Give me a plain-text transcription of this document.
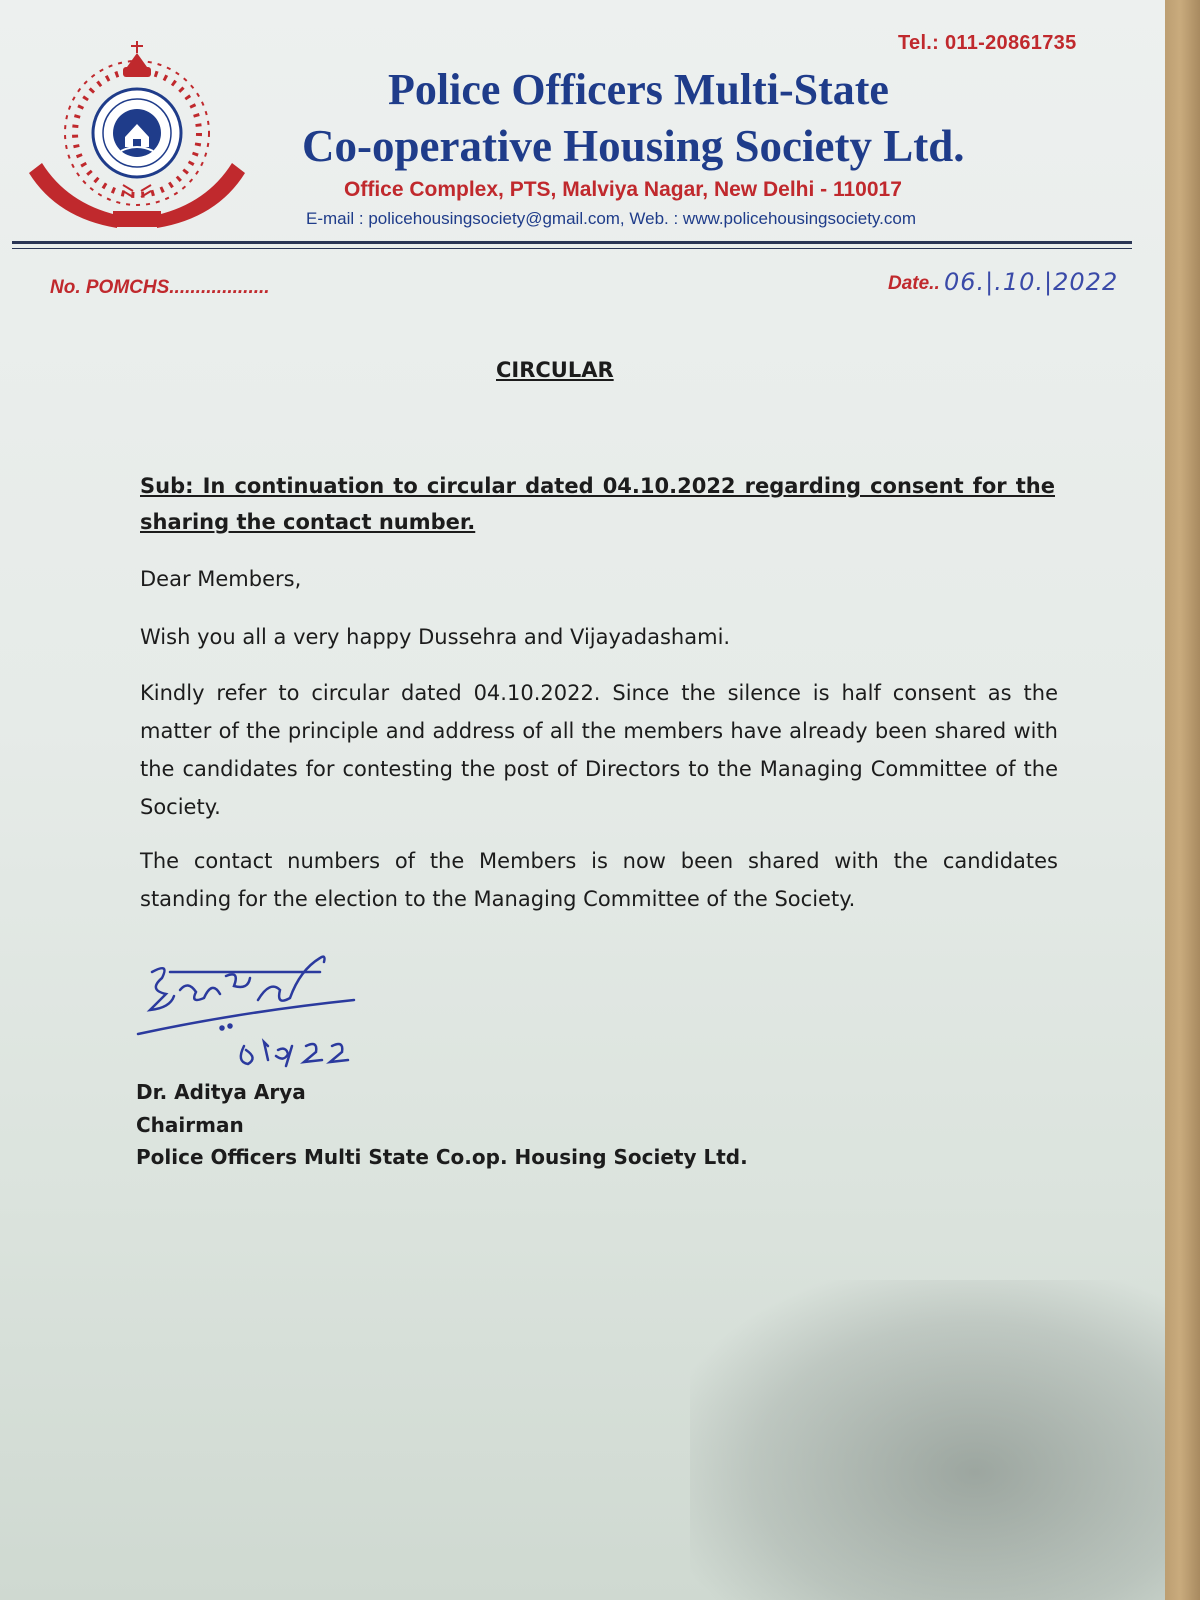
Tel.: 011-20861735
Police Officers Multi-State
Co-operative Housing Society Ltd.
Office Complex, PTS, Malviya Nagar, New Delhi - 110017
E-mail : policehousingsociety@gmail.com, Web. : www.policehousingsociety.com
No. POMCHS...................	Date.. 06.|.10.|2022
CIRCULAR
Sub: In continuation to circular dated 04.10.2022 regarding consent for the sharing the contact number.
Dear Members,
Wish you all a very happy Dussehra and Vijayadashami.
Kindly refer to circular dated 04.10.2022. Since the silence is half consent as the matter of the principle and address of all the members have already been shared with the candidates for contesting the post of Directors to the Managing Committee of the Society.
The contact numbers of the Members is now been shared with the candidates standing for the election to the Managing Committee of the Society.
Dr. Aditya Arya
Chairman
Police Officers Multi State Co.op. Housing Society Ltd.
